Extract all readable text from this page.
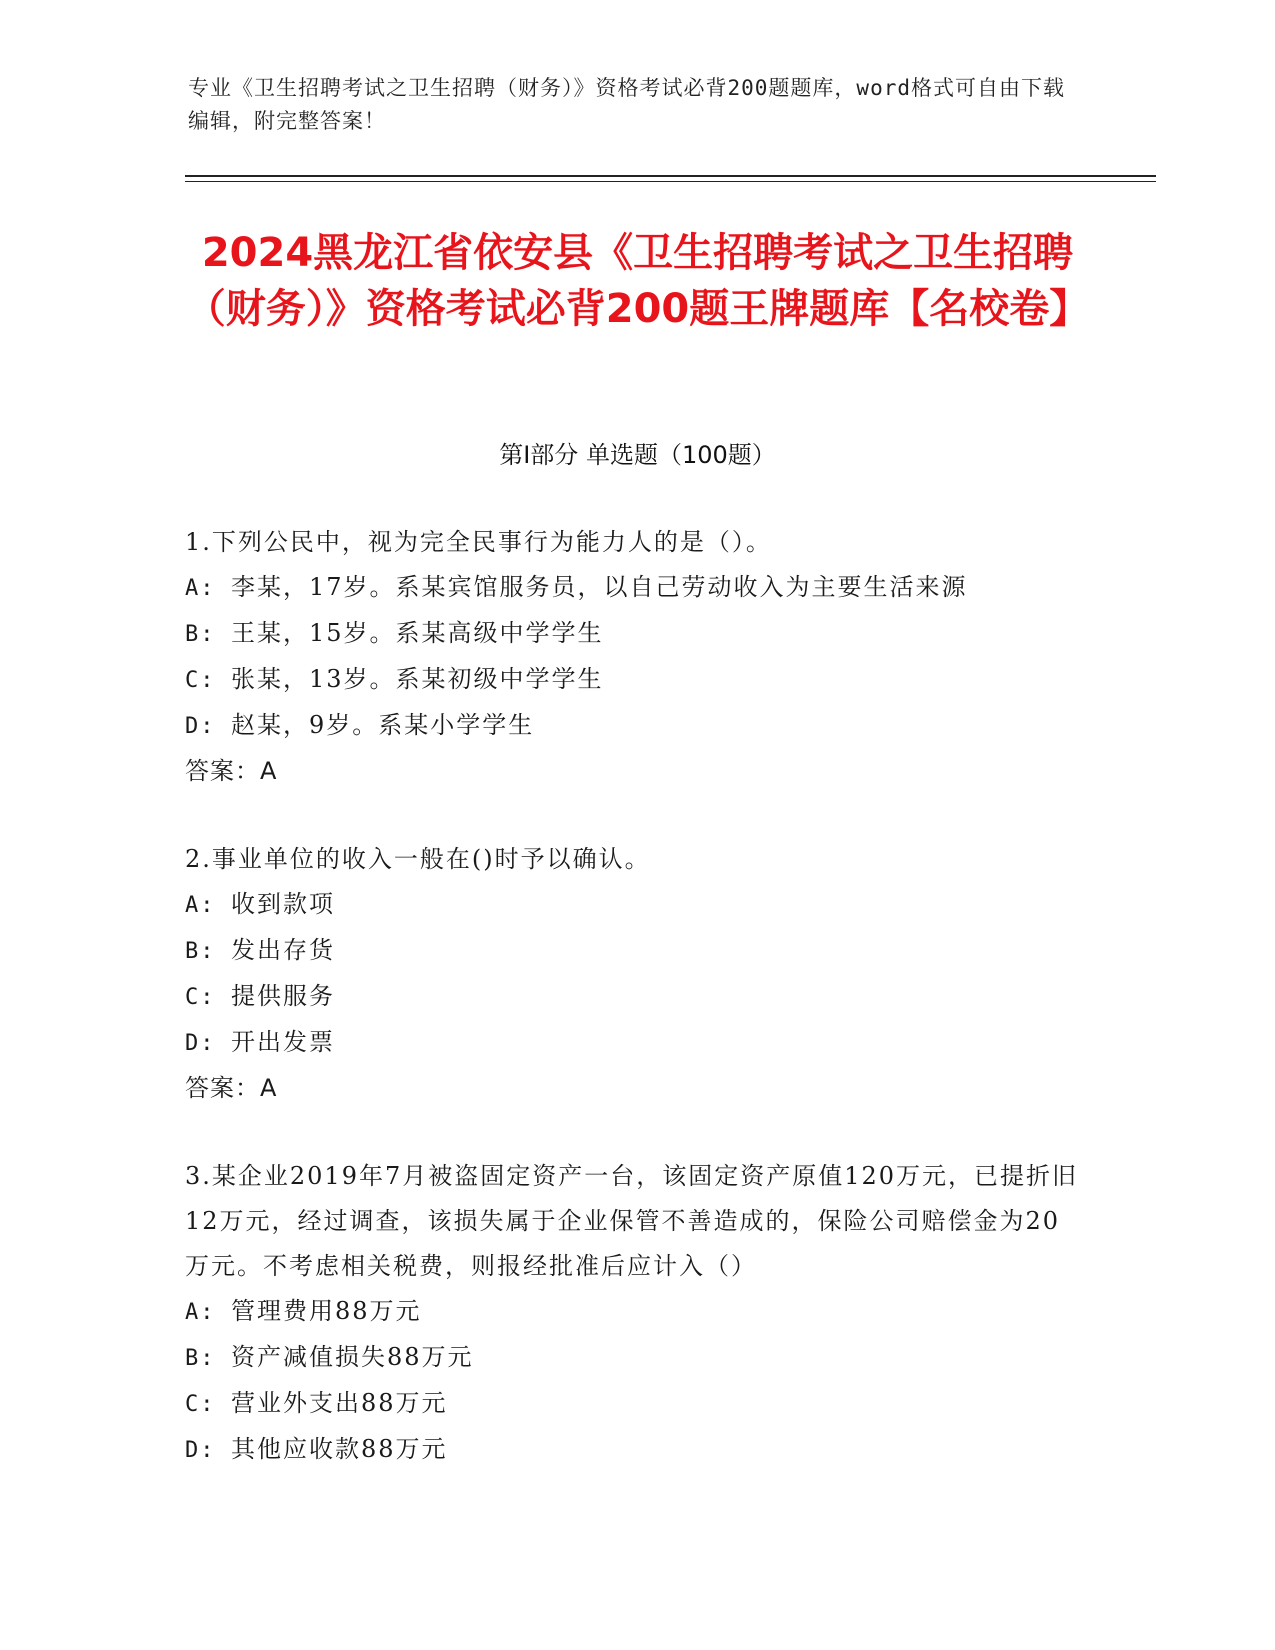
专业《卫生招聘考试之卫生招聘（财务）》资格考试必背200题题库，word格式可自由下载编辑，附完整答案！
2024黑龙江省依安县《卫生招聘考试之卫生招聘（财务）》资格考试必背200题王牌题库【名校卷】
第Ⅰ部分 单选题（100题）

1.下列公民中，视为完全民事行为能力人的是（）。

A: 李某，17岁。系某宾馆服务员，以自己劳动收入为主要生活来源

B: 王某，15岁。系某高级中学学生

C: 张某，13岁。系某初级中学学生

D: 赵某，9岁。系某小学学生

答案：A

2.事业单位的收入一般在()时予以确认。

A: 收到款项

B: 发出存货

C: 提供服务

D: 开出发票

答案：A

3.某企业2019年7月被盗固定资产一台，该固定资产原值120万元，已提折旧12万元，经过调查，该损失属于企业保管不善造成的，保险公司赔偿金为20万元。不考虑相关税费，则报经批准后应计入（）

A: 管理费用88万元

B: 资产减值损失88万元

C: 营业外支出88万元

D: 其他应收款88万元
